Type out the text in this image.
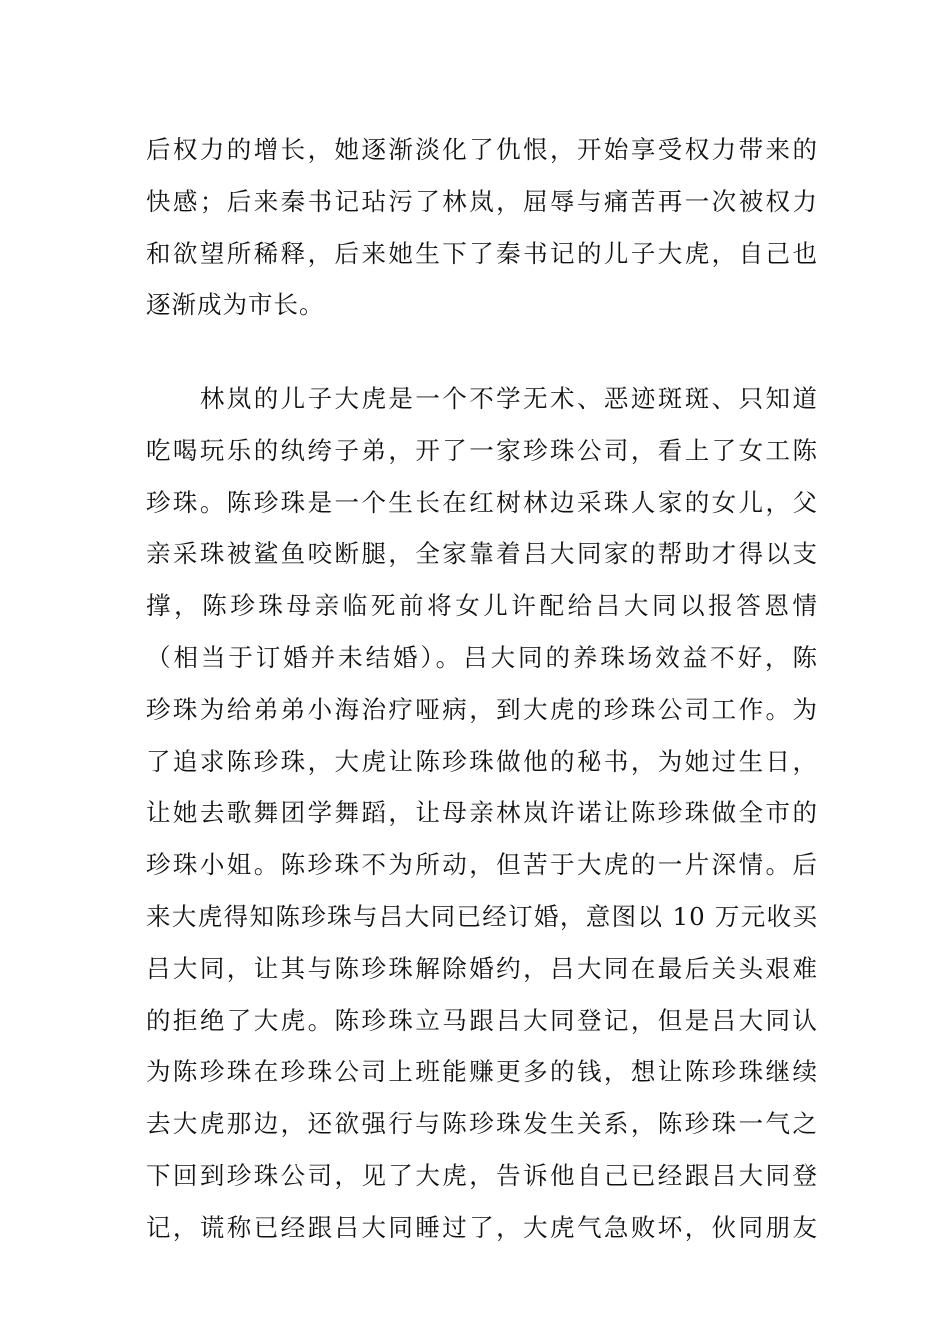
后权力的增长，她逐渐淡化了仇恨，开始享受权力带来的
快感；后来秦书记玷污了林岚，屈辱与痛苦再一次被权力
和欲望所稀释，后来她生下了秦书记的儿子大虎，自己也
逐渐成为市长。

　　林岚的儿子大虎是一个不学无术、恶迹斑斑、只知道
吃喝玩乐的纨绔子弟，开了一家珍珠公司，看上了女工陈
珍珠。陈珍珠是一个生长在红树林边采珠人家的女儿，父
亲采珠被鲨鱼咬断腿，全家靠着吕大同家的帮助才得以支
撑，陈珍珠母亲临死前将女儿许配给吕大同以报答恩情
（相当于订婚并未结婚）。吕大同的养珠场效益不好，陈
珍珠为给弟弟小海治疗哑病，到大虎的珍珠公司工作。为
了追求陈珍珠，大虎让陈珍珠做他的秘书，为她过生日，
让她去歌舞团学舞蹈，让母亲林岚许诺让陈珍珠做全市的
珍珠小姐。陈珍珠不为所动，但苦于大虎的一片深情。后
来大虎得知陈珍珠与吕大同已经订婚，意图以 10 万元收买
吕大同，让其与陈珍珠解除婚约，吕大同在最后关头艰难
的拒绝了大虎。陈珍珠立马跟吕大同登记，但是吕大同认
为陈珍珠在珍珠公司上班能赚更多的钱，想让陈珍珠继续
去大虎那边，还欲强行与陈珍珠发生关系，陈珍珠一气之
下回到珍珠公司，见了大虎，告诉他自己已经跟吕大同登
记，谎称已经跟吕大同睡过了，大虎气急败坏，伙同朋友
